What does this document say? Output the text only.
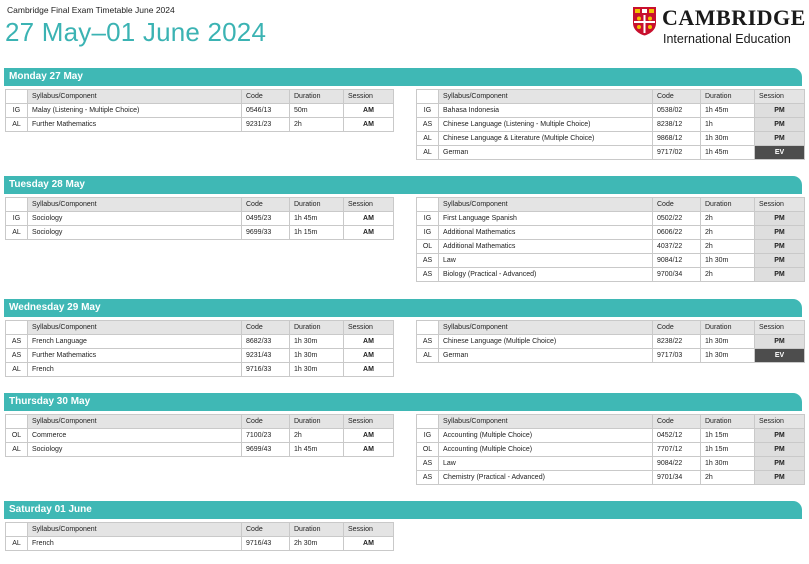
Cambridge Final Exam Timetable June 2024
27 May–01 June 2024	CAMBRIDGE
International Education
Monday 27 May
	Syllabus/Component	Code	Duration	Session
IG	Malay (Listening - Multiple Choice)	0546/13	50m	AM
AL	Further Mathematics	9231/23	2h	AM
	Syllabus/Component	Code	Duration	Session
IG	Bahasa Indonesia	0538/02	1h 45m	PM
AS	Chinese Language (Listening - Multiple Choice)	8238/12	1h	PM
AL	Chinese Language & Literature (Multiple Choice)	9868/12	1h 30m	PM
AL	German	9717/02	1h 45m	EV
Tuesday 28 May
	Syllabus/Component	Code	Duration	Session
IG	Sociology	0495/23	1h 45m	AM
AL	Sociology	9699/33	1h 15m	AM
	Syllabus/Component	Code	Duration	Session
IG	First Language Spanish	0502/22	2h	PM
IG	Additional Mathematics	0606/22	2h	PM
OL	Additional Mathematics	4037/22	2h	PM
AS	Law	9084/12	1h 30m	PM
AS	Biology (Practical - Advanced)	9700/34	2h	PM
Wednesday 29 May
	Syllabus/Component	Code	Duration	Session
AS	French Language	8682/33	1h 30m	AM
AS	Further Mathematics	9231/43	1h 30m	AM
AL	French	9716/33	1h 30m	AM
	Syllabus/Component	Code	Duration	Session
AS	Chinese Language (Multiple Choice)	8238/22	1h 30m	PM
AL	German	9717/03	1h 30m	EV
Thursday 30 May
	Syllabus/Component	Code	Duration	Session
OL	Commerce	7100/23	2h	AM
AL	Sociology	9699/43	1h 45m	AM
	Syllabus/Component	Code	Duration	Session
IG	Accounting (Multiple Choice)	0452/12	1h 15m	PM
OL	Accounting (Multiple Choice)	7707/12	1h 15m	PM
AS	Law	9084/22	1h 30m	PM
AS	Chemistry (Practical - Advanced)	9701/34	2h	PM
Saturday 01 June
	Syllabus/Component	Code	Duration	Session
AL	French	9716/43	2h 30m	AM
